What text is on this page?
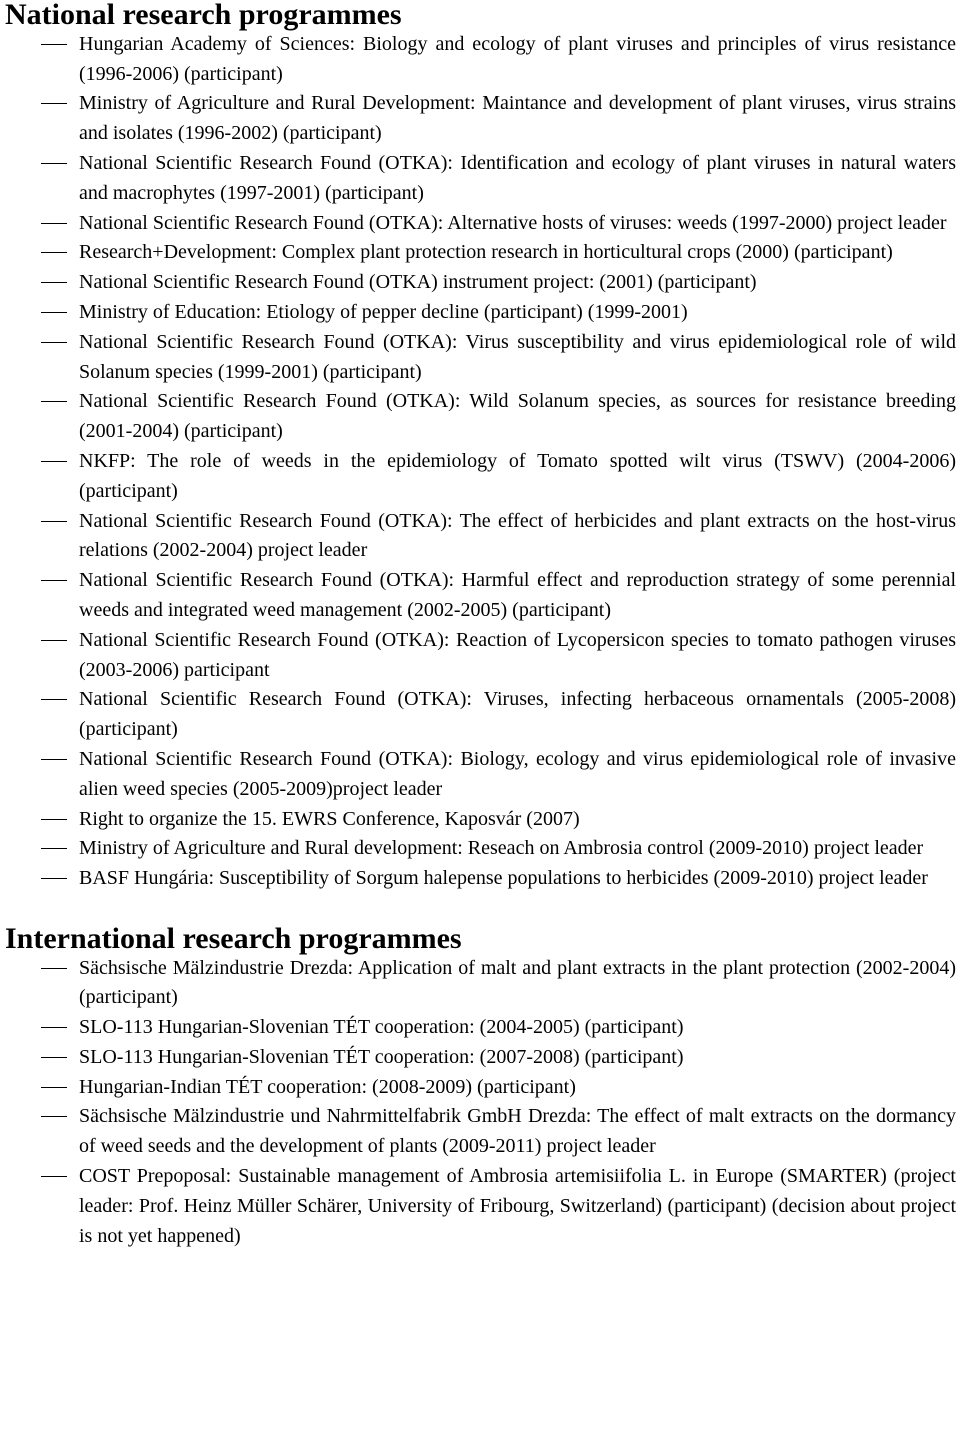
National research programmes
Hungarian Academy of Sciences: Biology and ecology of plant viruses and principles of virus resistance (1996-2006) (participant)
Ministry of Agriculture and Rural Development: Maintance and development of plant viruses, virus strains and isolates (1996-2002) (participant)
National Scientific Research Found (OTKA): Identification and ecology of plant viruses in natural waters and macrophytes (1997-2001) (participant)
National Scientific Research Found (OTKA): Alternative hosts of viruses: weeds (1997-2000) project leader
Research+Development: Complex plant protection research in horticultural crops (2000) (participant)
National Scientific Research Found (OTKA) instrument project: (2001) (participant)
Ministry of Education: Etiology of pepper decline (participant) (1999-2001)
National Scientific Research Found (OTKA): Virus susceptibility and virus epidemiological role of wild Solanum species (1999-2001) (participant)
National Scientific Research Found (OTKA): Wild Solanum species, as sources for resistance breeding (2001-2004) (participant)
NKFP: The role of weeds in the epidemiology of Tomato spotted wilt virus (TSWV) (2004-2006) (participant)
National Scientific Research Found (OTKA): The effect of herbicides and plant extracts on the host-virus relations (2002-2004) project leader
National Scientific Research Found (OTKA): Harmful effect and reproduction strategy of some perennial weeds and integrated weed management (2002-2005) (participant)
National Scientific Research Found (OTKA): Reaction of Lycopersicon species to tomato pathogen viruses (2003-2006) participant
National Scientific Research Found (OTKA): Viruses, infecting herbaceous ornamentals (2005-2008) (participant)
National Scientific Research Found (OTKA): Biology, ecology and virus epidemiological role of invasive alien weed species (2005-2009)project leader
Right to organize the 15. EWRS Conference, Kaposvár (2007)
Ministry of Agriculture and Rural development: Reseach on Ambrosia control (2009-2010) project leader
BASF Hungária: Susceptibility of Sorgum halepense populations to herbicides (2009-2010) project leader
International research programmes
Sächsische Mälzindustrie Drezda: Application of malt and plant extracts in the plant protection (2002-2004) (participant)
SLO-113 Hungarian-Slovenian TÉT cooperation: (2004-2005) (participant)
SLO-113 Hungarian-Slovenian TÉT cooperation: (2007-2008) (participant)
Hungarian-Indian TÉT cooperation: (2008-2009) (participant)
Sächsische Mälzindustrie und Nahrmittelfabrik GmbH Drezda: The effect of malt extracts on the dormancy of weed seeds and the development of plants (2009-2011) project leader
COST Prepoposal: Sustainable management of Ambrosia artemisiifolia L. in Europe (SMARTER) (project leader: Prof. Heinz Müller Schärer, University of Fribourg, Switzerland) (participant) (decision about project is not yet happened)
